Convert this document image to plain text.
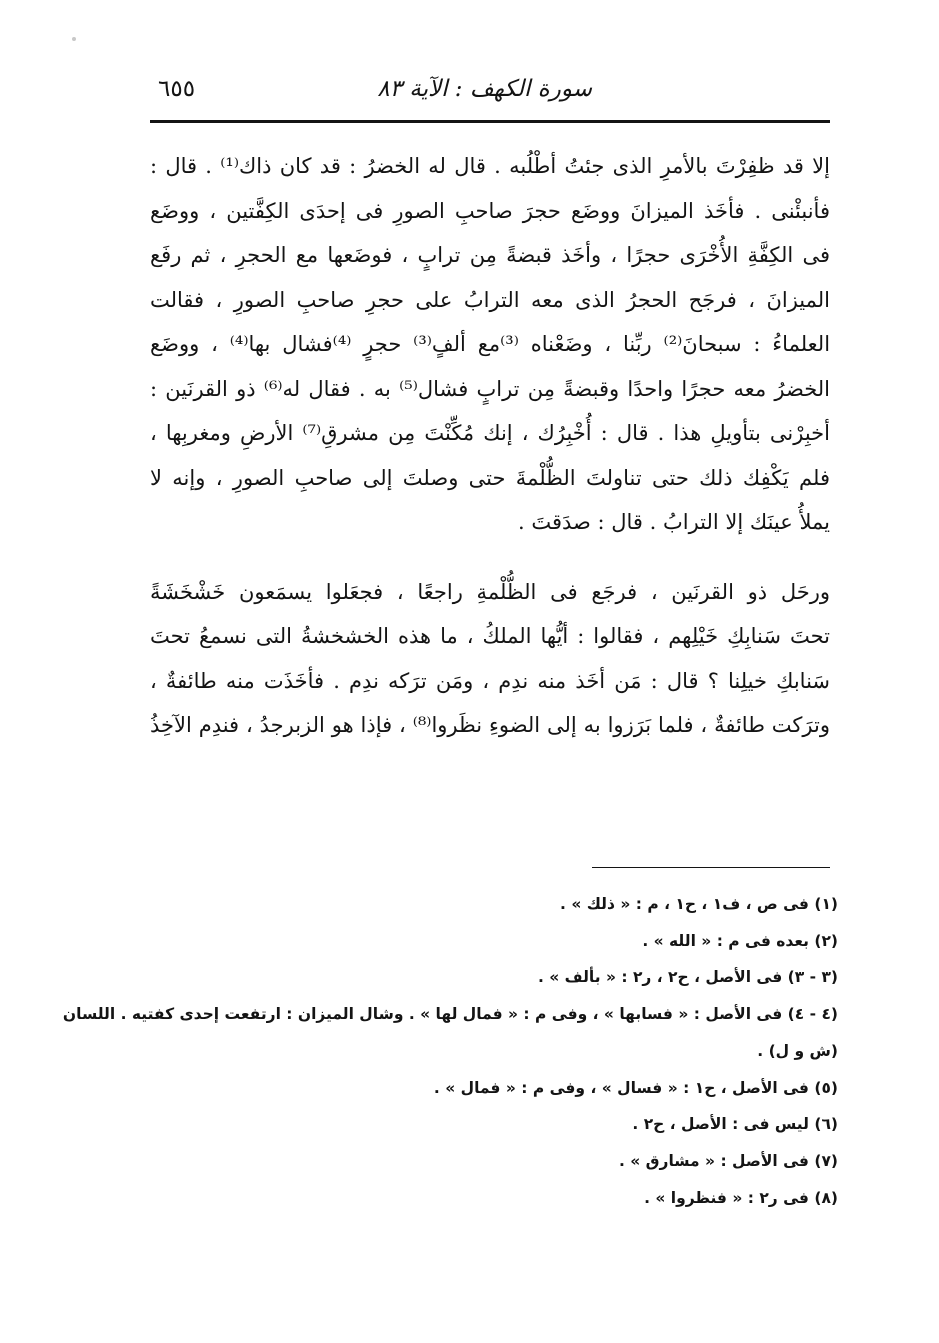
سورة الكهف : الآية ٨٣
٦٥٥
إلا قد ظفِرْتَ بالأمرِ الذى جئتُ أطْلُبه . قال له الخضرُ : قد كان ذاك⁽¹⁾ . قال :
فأنبئْنى . فأخَذ الميزانَ ووضَع حجرَ صاحبِ الصورِ فى إحدَى الكِفَّتين ، ووضَع
فى الكِفَّةِ الأُخْرَى حجرًا ، وأخَذ قبضةً مِن ترابٍ ، فوضَعها مع الحجرِ ، ثم رفَع
الميزانَ ، فرجَح الحجرُ الذى معه الترابُ على حجرِ صاحبِ الصورِ ، فقالت
العلماءُ : سبحانَ⁽²⁾ ربِّنا ، وضَعْناه ⁽³⁾مع ألفٍ⁽³⁾ حجرٍ ⁽⁴⁾فشال بها⁽⁴⁾ ، ووضَع
الخضرُ معه حجرًا واحدًا وقبضةً مِن ترابٍ فشال⁽⁵⁾ به . فقال له⁽⁶⁾ ذو القرنَين :
أخبِرْنى بتأويلِ هذا . قال : أُخْبِرُك ، إنك مُكِّنْتَ مِن مشرقِ⁽⁷⁾ الأرضِ ومغربِها ،
فلم يَكْفِك ذلك حتى تناولتَ الظُّلْمةَ حتى وصلتَ إلى صاحبِ الصورِ ، وإنه لا
يملأُ عينَك إلا الترابُ . قال : صدَقتَ .
ورحَل ذو القرنَين ، فرجَع فى الظُّلْمةِ راجعًا ، فجعَلوا يسمَعون خَشْخَشَةً
تحتَ سَنابِكِ خَيْلِهم ، فقالوا : أيُّها الملكُ ، ما هذه الخشخشةُ التى نسمعُ تحتَ
سَنابكِ خيلِنا ؟ قال : مَن أخَذ منه ندِم ، ومَن ترَكه ندِم . فأخَذَت منه طائفةٌ ،
وترَكت طائفةٌ ، فلما بَرَزوا به إلى الضوءِ نظَروا⁽⁸⁾ ، فإذا هو الزبرجدُ ، فندِم الآخِذُ
(١) فى ص ، ف١ ، ح١ ، م : « ذلك » .
(٢) بعده فى م : « الله » .
(٣ - ٣) فى الأصل ، ح٢ ، ر٢ : « بألف » .
(٤ - ٤) فى الأصل : « فسابها » ، وفى م : « فمال لها » . وشال الميزان : ارتفعت إحدى كفتيه . اللسان
(ش و ل) .
(٥) فى الأصل ، ح١ : « فسال » ، وفى م : « فمال » .
(٦) ليس فى : الأصل ، ح٢ .
(٧) فى الأصل : « مشارق » .
(٨) فى ر٢ : « فنظروا » .
